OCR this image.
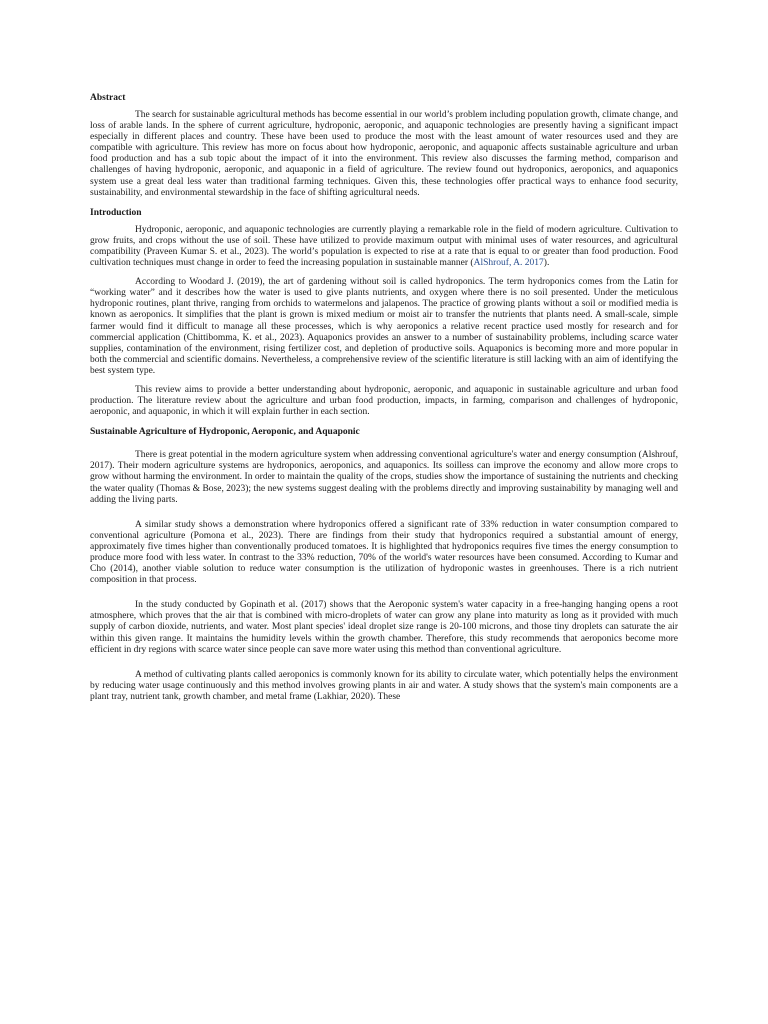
Abstract

The search for sustainable agricultural methods has become essential in our world’s problem including population growth, climate change, and loss of arable lands. In the sphere of current agriculture, hydroponic, aeroponic, and aquaponic technologies are presently having a significant impact especially in different places and country. These have been used to produce the most with the least amount of water resources used and they are compatible with agriculture. This review has more on focus about how hydroponic, aeroponic, and aquaponic affects sustainable agriculture and urban food production and has a sub topic about the impact of it into the environment. This review also discusses the farming method, comparison and challenges of having hydroponic, aeroponic, and aquaponic in a field of agriculture. The review found out hydroponics, aeroponics, and aquaponics system use a great deal less water than traditional farming techniques. Given this, these technologies offer practical ways to enhance food security, sustainability, and environmental stewardship in the face of shifting agricultural needs.

Introduction

Hydroponic, aeroponic, and aquaponic technologies are currently playing a remarkable role in the field of modern agriculture. Cultivation to grow fruits, and crops without the use of soil. These have utilized to provide maximum output with minimal uses of water resources, and agricultural compatibility (Praveen Kumar S. et al., 2023). The world’s population is expected to rise at a rate that is equal to or greater than food production. Food cultivation techniques must change in order to feed the increasing population in sustainable manner (AlShrouf, A. 2017).

According to Woodard J. (2019), the art of gardening without soil is called hydroponics. The term hydroponics comes from the Latin for “working water” and it describes how the water is used to give plants nutrients, and oxygen where there is no soil presented. Under the meticulous hydroponic routines, plant thrive, ranging from orchids to watermelons and jalapenos. The practice of growing plants without a soil or modified media is known as aeroponics. It simplifies that the plant is grown is mixed medium or moist air to transfer the nutrients that plants need. A small-scale, simple farmer would find it difficult to manage all these processes, which is why aeroponics a relative recent practice used mostly for research and for commercial application (Chittibomma, K. et al., 2023). Aquaponics provides an answer to a number of sustainability problems, including scarce water supplies, contamination of the environment, rising fertilizer cost, and depletion of productive soils. Aquaponics is becoming more and more popular in both the commercial and scientific domains. Nevertheless, a comprehensive review of the scientific literature is still lacking with an aim of identifying the best system type.

This review aims to provide a better understanding about hydroponic, aeroponic, and aquaponic in sustainable agriculture and urban food production. The literature review about the agriculture and urban food production, impacts, in farming, comparison and challenges of hydroponic, aeroponic, and aquaponic, in which it will explain further in each section.

Sustainable Agriculture of Hydroponic, Aeroponic, and Aquaponic

There is great potential in the modern agriculture system when addressing conventional agriculture's water and energy consumption (Alshrouf, 2017). Their modern agriculture systems are hydroponics, aeroponics, and aquaponics. Its soilless can improve the economy and allow more crops to grow without harming the environment. In order to maintain the quality of the crops, studies show the importance of sustaining the nutrients and checking the water quality (Thomas & Bose, 2023); the new systems suggest dealing with the problems directly and improving sustainability by managing well and adding the living parts.

A similar study shows a demonstration where hydroponics offered a significant rate of 33% reduction in water consumption compared to conventional agriculture (Pomona et al., 2023). There are findings from their study that hydroponics required a substantial amount of energy, approximately five times higher than conventionally produced tomatoes. It is highlighted that hydroponics requires five times the energy consumption to produce more food with less water. In contrast to the 33% reduction, 70% of the world's water resources have been consumed. According to Kumar and Cho (2014), another viable solution to reduce water consumption is the utilization of hydroponic wastes in greenhouses. There is a rich nutrient composition in that process.

In the study conducted by Gopinath et al. (2017) shows that the Aeroponic system's water capacity in a free-hanging hanging opens a root atmosphere, which proves that the air that is combined with micro-droplets of water can grow any plane into maturity as long as it provided with much supply of carbon dioxide, nutrients, and water. Most plant species' ideal droplet size range is 20-100 microns, and those tiny droplets can saturate the air within this given range. It maintains the humidity levels within the growth chamber. Therefore, this study recommends that aeroponics become more efficient in dry regions with scarce water since people can save more water using this method than conventional agriculture.

A method of cultivating plants called aeroponics is commonly known for its ability to circulate water, which potentially helps the environment by reducing water usage continuously and this method involves growing plants in air and water. A study shows that the system's main components are a plant tray, nutrient tank, growth chamber, and metal frame (Lakhiar, 2020). These
